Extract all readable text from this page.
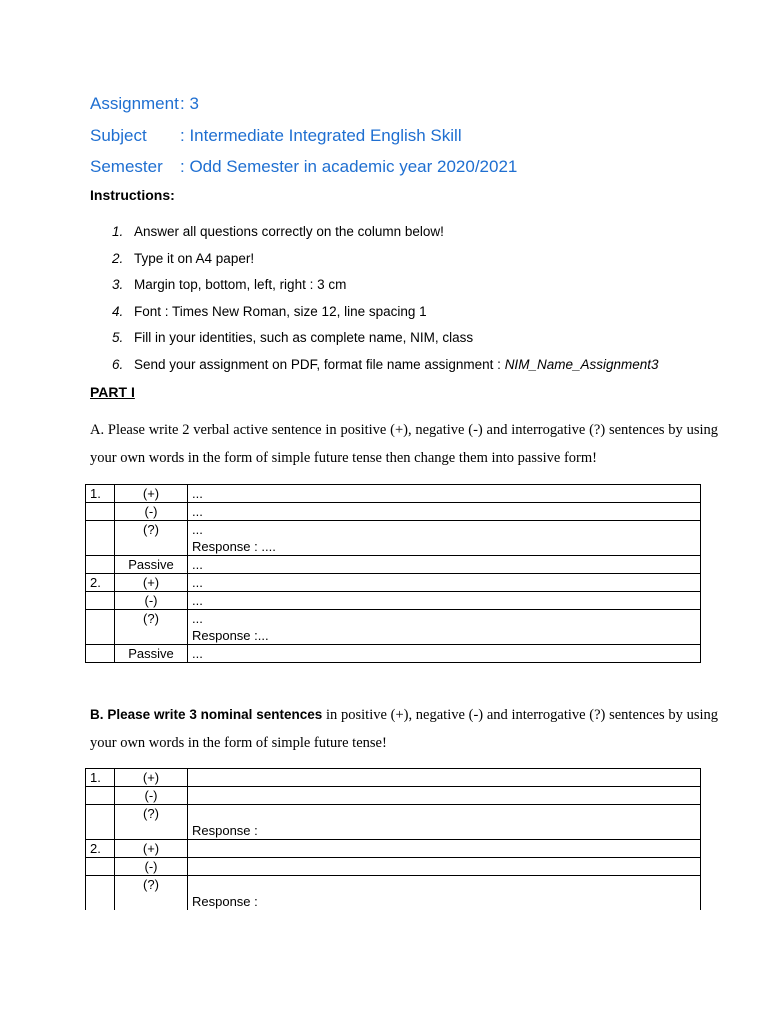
Assignment: 3
Subject : Intermediate Integrated English Skill
Semester : Odd Semester in academic year 2020/2021
Instructions:
1. Answer all questions correctly on the column below!
2. Type it on A4 paper!
3. Margin top, bottom, left, right : 3 cm
4. Font : Times New Roman, size 12, line spacing 1
5. Fill in your identities, such as complete name, NIM, class
6. Send your assignment on PDF, format file name assignment : NIM_Name_Assignment3
PART I
A. Please write 2 verbal active sentence in positive (+), negative (-) and interrogative (?) sentences by using your own words in the form of simple future tense then change them into passive form!
1.	(+)	...
	(-)	...
	(?)	...
Response : ....

	Passive	...
2.	(+)	...
	(-)	...
	(?)	...
Response :...

	Passive	...
B. Please write 3 nominal sentences in positive (+), negative (-) and interrogative (?) sentences by using your own words in the form of simple future tense!
1.	(+)	
	(-)	
	(?)	Response :

2.	(+)	
	(-)	
	(?)	Response :
